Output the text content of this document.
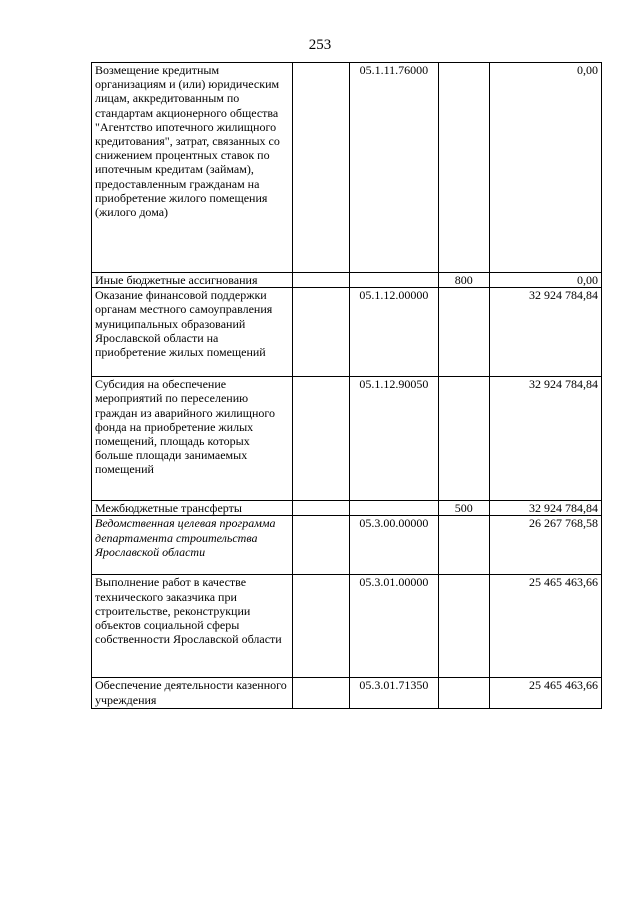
253
Возмещение кредитным организациям и (или) юридическим лицам, аккредитованным по стандартам акционерного общества "Агентство ипотечного жилищного кредитования", затрат, связанных со снижением процентных ставок по ипотечным кредитам (займам), предоставленным гражданам на приобретение жилого помещения (жилого дома)		05.1.11.76000		0,00
Иные бюджетные ассигнования			800	0,00
Оказание финансовой поддержки органам местного самоуправления муниципальных образований Ярославской области на приобретение жилых помещений		05.1.12.00000		32 924 784,84
Субсидия на обеспечение мероприятий по переселению граждан из аварийного жилищного фонда на приобретение жилых помещений, площадь которых больше площади занимаемых помещений		05.1.12.90050		32 924 784,84
Межбюджетные трансферты			500	32 924 784,84
Ведомственная целевая программа департамента строительства Ярославской области		05.3.00.00000		26 267 768,58
Выполнение работ в качестве технического заказчика при строительстве, реконструкции объектов социальной сферы собственности Ярославской области		05.3.01.00000		25 465 463,66
Обеспечение деятельности казенного учреждения		05.3.01.71350		25 465 463,66
